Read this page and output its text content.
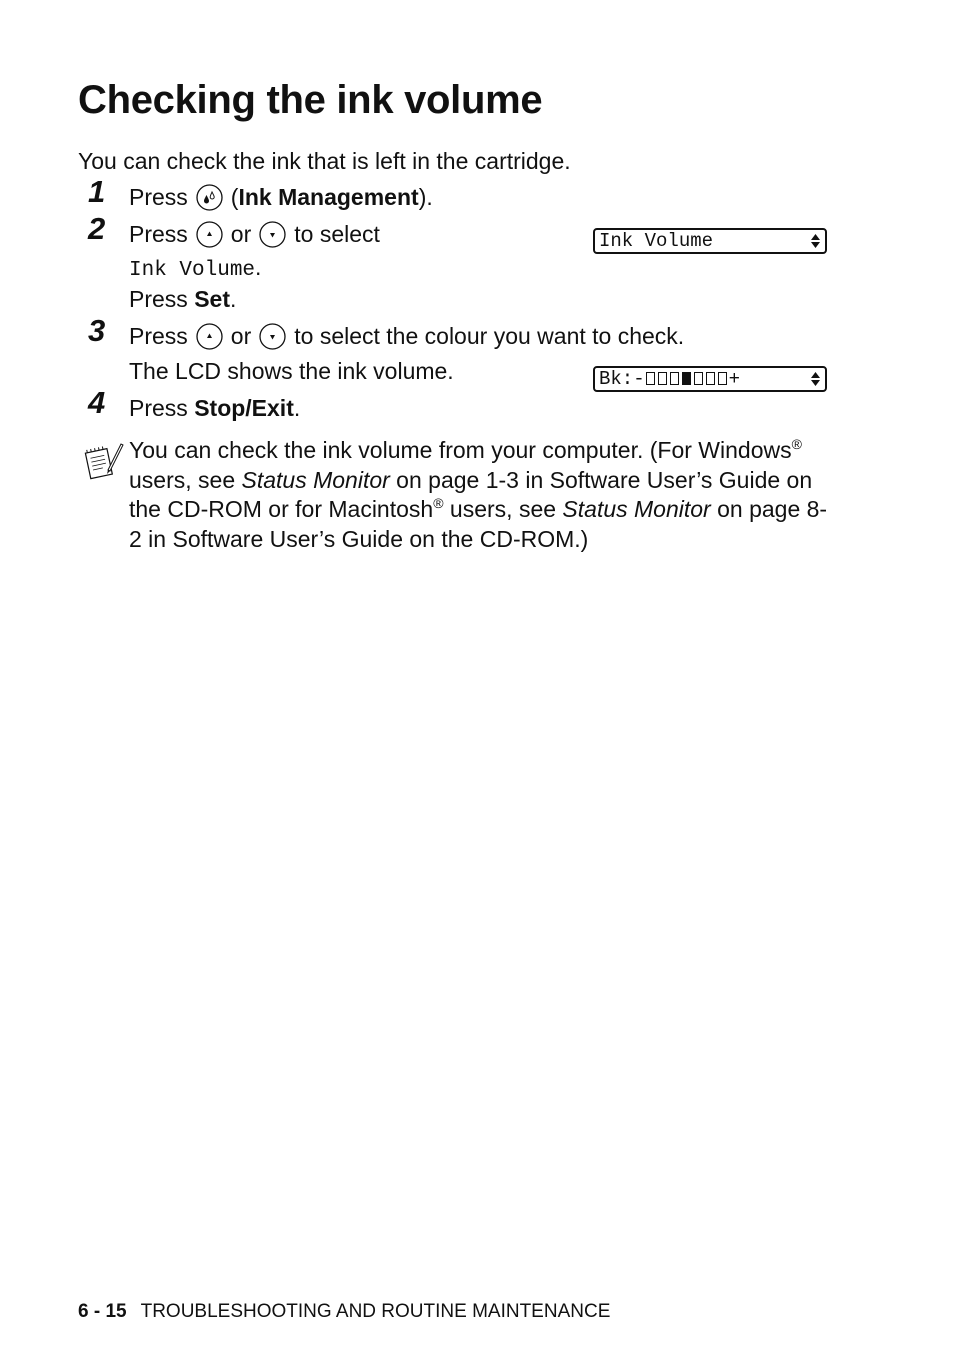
Checking the ink volume
You can check the ink that is left in the cartridge.
1 Press (Ink Management).
2 Press or to select
Ink Volume.
Press Set.
Ink Volume
3 Press or to select the colour you want to check.
The LCD shows the ink volume.	Bk:-	+
4 Press Stop/Exit.
You can check the ink volume from your computer. (For Windows® users, see Status Monitor on page 1-3 in Software User’s Guide on the CD-ROM or for Macintosh® users, see Status Monitor on page 8-2 in Software User’s Guide on the CD-ROM.)
6 - 15 TROUBLESHOOTING AND ROUTINE MAINTENANCE
